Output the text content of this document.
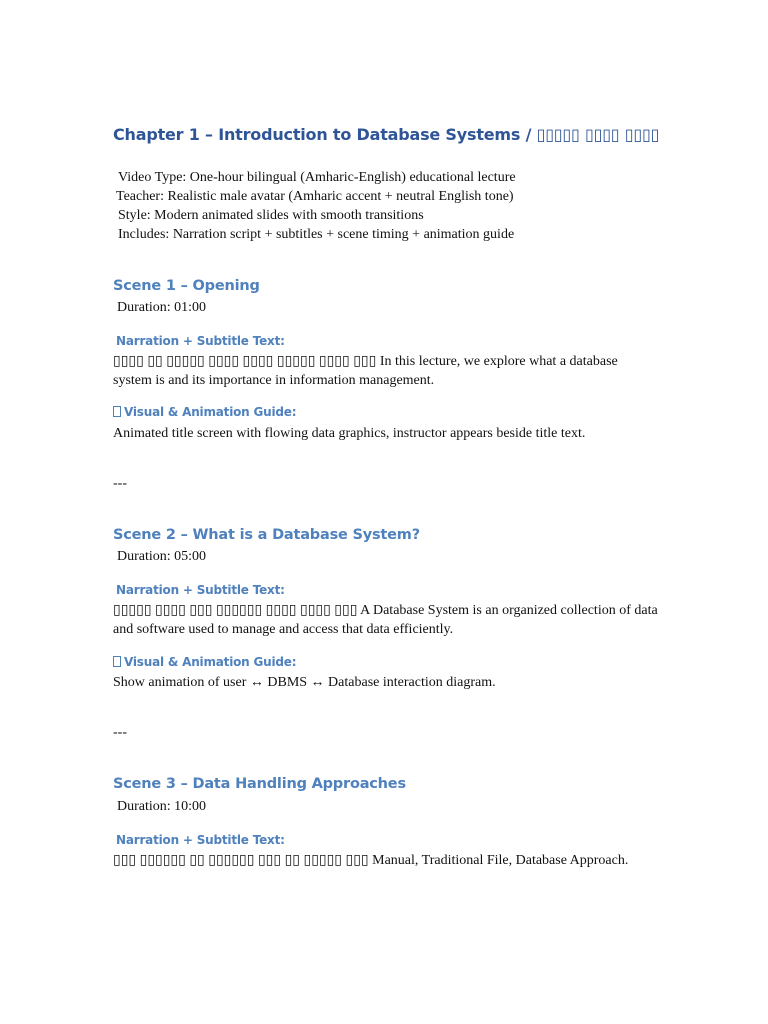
Chapter 1 – Introduction to Database Systems / ▯▯▯▯▯ ▯▯▯▯ ▯▯▯▯
Video Type: One-hour bilingual (Amharic-English) educational lecture
Teacher: Realistic male avatar (Amharic accent + neutral English tone)
Style: Modern animated slides with smooth transitions
Includes: Narration script + subtitles + scene timing + animation guide
Scene 1 – Opening
Duration: 01:00
Narration + Subtitle Text:
▯▯▯▯ ▯▯ ▯▯▯▯▯ ▯▯▯▯ ▯▯▯▯ ▯▯▯▯▯ ▯▯▯▯ ▯▯▯ In this lecture, we explore what a database system is and its importance in information management.
Visual & Animation Guide:
Animated title screen with flowing data graphics, instructor appears beside title text.
---
Scene 2 – What is a Database System?
Duration: 05:00
Narration + Subtitle Text:
▯▯▯▯▯ ▯▯▯▯ ▯▯▯ ▯▯▯▯▯▯ ▯▯▯▯ ▯▯▯▯ ▯▯▯ A Database System is an organized collection of data and software used to manage and access that data efficiently.
Visual & Animation Guide:
Show animation of user ↔ DBMS ↔ Database interaction diagram.
---
Scene 3 – Data Handling Approaches
Duration: 10:00
Narration + Subtitle Text:
▯▯▯ ▯▯▯▯▯▯ ▯▯ ▯▯▯▯▯▯ ▯▯▯ ▯▯ ▯▯▯▯▯ ▯▯▯ Manual, Traditional File, Database Approach.
